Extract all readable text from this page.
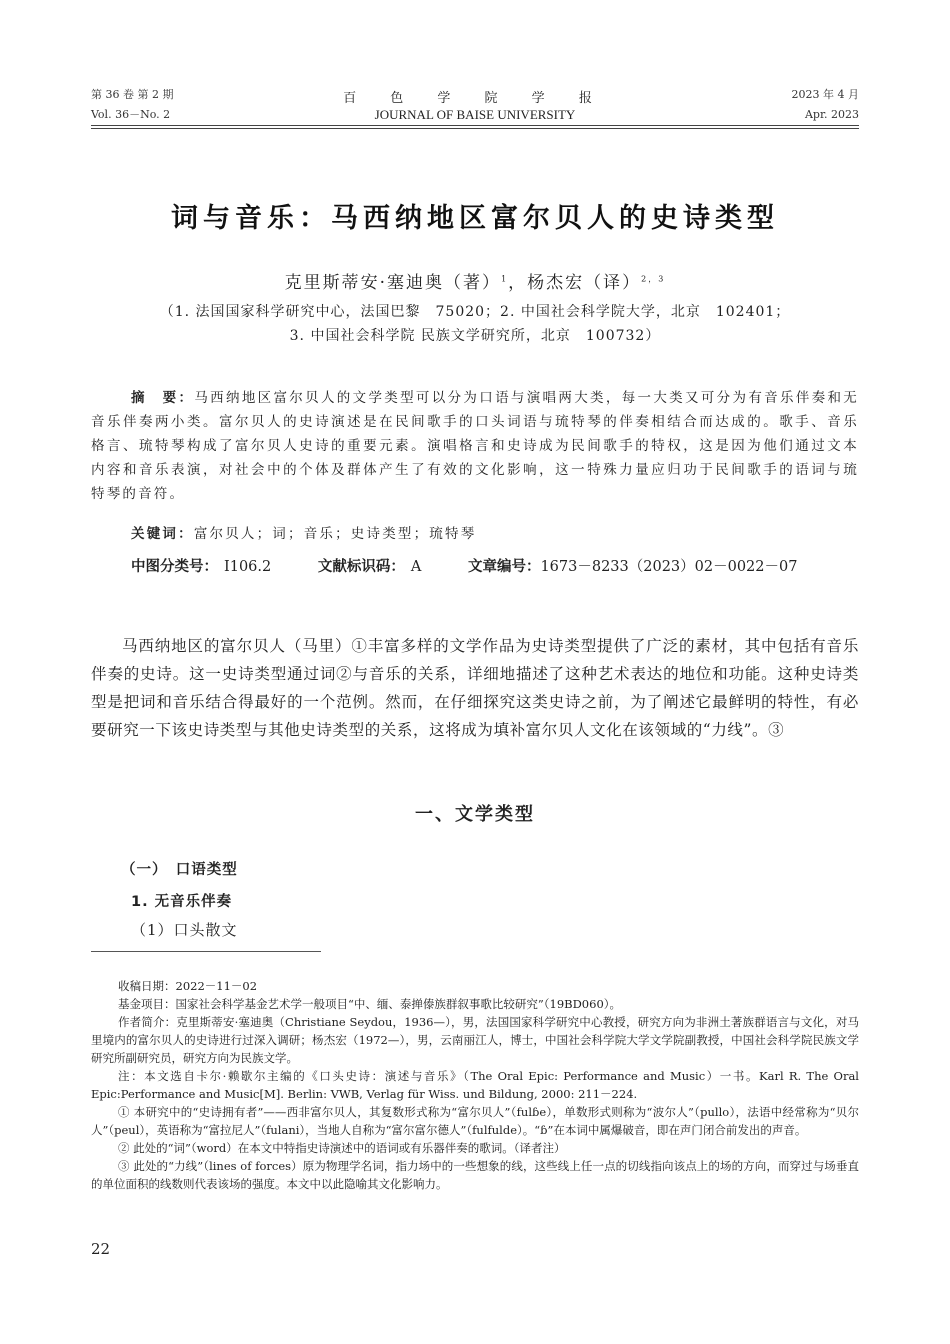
第 36 卷 第 2 期
Vol. 36－No. 2
百 色 学 院 学 报
JOURNAL OF BAISE UNIVERSITY
2023 年 4 月
Apr. 2023
词与音乐：马西纳地区富尔贝人的史诗类型
克里斯蒂安·塞迪奥（著）$^1$，杨杰宏（译）$^{2,3}$
（1. 法国国家科学研究中心，法国巴黎　75020；2. 中国社会科学院大学，北京　102401；
3. 中国社会科学院 民族文学研究所，北京　100732）
摘　要：马西纳地区富尔贝人的文学类型可以分为口语与演唱两大类，每一大类又可分为有音乐伴奏和无音乐伴奏两小类。富尔贝人的史诗演述是在民间歌手的口头词语与琉特琴的伴奏相结合而达成的。歌手、音乐格言、琉特琴构成了富尔贝人史诗的重要元素。演唱格言和史诗成为民间歌手的特权，这是因为他们通过文本内容和音乐表演，对社会中的个体及群体产生了有效的文化影响，这一特殊力量应归功于民间歌手的语词与琉特琴的音符。
关键词：富尔贝人；词；音乐；史诗类型；琉特琴
中图分类号： I106.2	文献标识码： A	文章编号：1673－8233（2023）02－0022－07
马西纳地区的富尔贝人（马里）①丰富多样的文学作品为史诗类型提供了广泛的素材，其中包括有音乐伴奏的史诗。这一史诗类型通过词②与音乐的关系，详细地描述了这种艺术表达的地位和功能。这种史诗类型是把词和音乐结合得最好的一个范例。然而，在仔细探究这类史诗之前，为了阐述它最鲜明的特性，有必要研究一下该史诗类型与其他史诗类型的关系，这将成为填补富尔贝人文化在该领域的“力线”。③
一、文学类型
（一）　口语类型
1. 无音乐伴奏
（1）口头散文

收稿日期：2022－11－02

基金项目：国家社会科学基金艺术学一般项目“中、缅、泰掸傣族群叙事歌比较研究”（19BD060）。

作者简介：克里斯蒂安·塞迪奥（Christiane Seydou，1936—），男，法国国家科学研究中心教授，研究方向为非洲土著族群语言与文化，对马里境内的富尔贝人的史诗进行过深入调研；杨杰宏（1972—），男，云南丽江人，博士，中国社会科学院大学文学院副教授，中国社会科学院民族文学研究所副研究员，研究方向为民族文学。

注：本文选自卡尔·赖歇尔主编的《口头史诗：演述与音乐》（The Oral Epic: Performance and Music）一书。Karl R. The Oral Epic:Performance and Music[M]. Berlin: VWB, Verlag für Wiss. und Bildung, 2000: 211－224.

① 本研究中的“史诗拥有者”——西非富尔贝人，其复数形式称为“富尔贝人”（fulɓe），单数形式则称为“波尔人”（pullo），法语中经常称为“贝尔人”（peul），英语称为“富拉尼人”（fulani），当地人自称为“富尔富尔德人”（fulfulde）。“ɓ”在本词中属爆破音，即在声门闭合前发出的声音。

② 此处的“词”（word）在本文中特指史诗演述中的语词或有乐器伴奏的歌词。（译者注）

③ 此处的“力线”（lines of forces）原为物理学名词，指力场中的一些想象的线，这些线上任一点的切线指向该点上的场的方向，而穿过与场垂直的单位面积的线数则代表该场的强度。本文中以此隐喻其文化影响力。

22
